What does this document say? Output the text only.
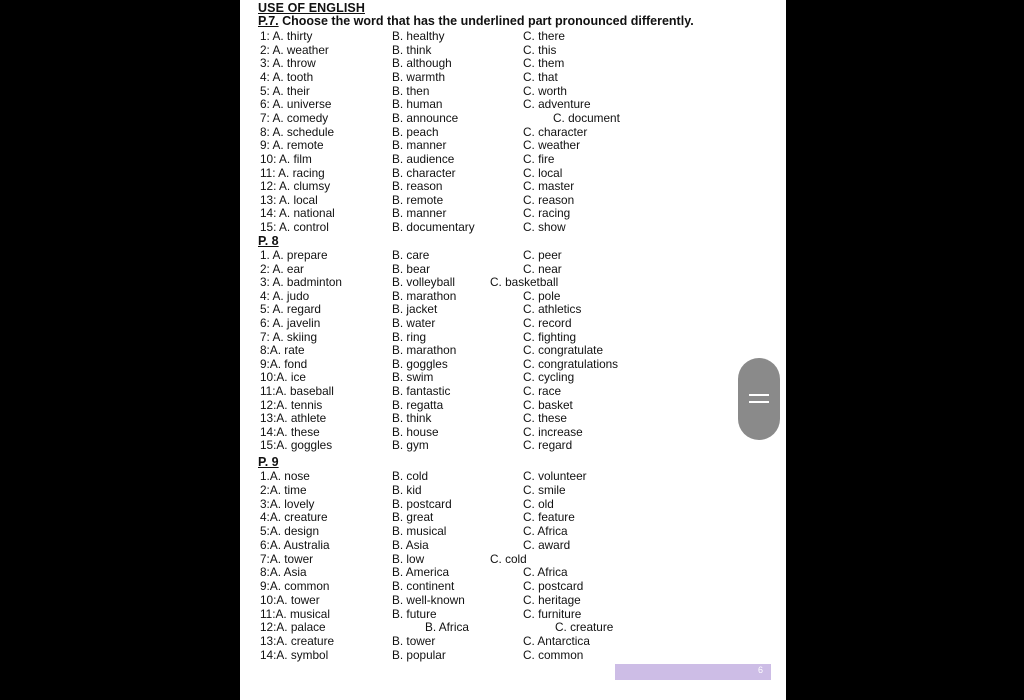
USE OF ENGLISH
P.7. Choose the word that has the underlined part pronounced differently.
1: A. thirty	B. healthy	C. there
2: A. weather	B. think	C. this
3: A. throw	B. although	C. them
4: A. tooth	B. warmth	C. that
5: A. their	B. then	C. worth
6: A. universe	B. human	C. adventure
7: A. comedy	B. announce	C. document
8: A. schedule	B. peach	C. character
9: A. remote	B. manner	C. weather
10: A. film	B. audience	C. fire
11: A. racing	B. character	C. local
12: A. clumsy	B. reason	C. master
13: A. local	B. remote	C. reason
14: A. national	B. manner	C. racing
15: A. control	B. documentary	C. show
P. 8
1. A. prepare	B. care	C. peer
2: A. ear	B. bear	C. near
3: A. badminton	B. volleyball	C. basketball
4: A. judo	B. marathon	C. pole
5: A. regard	B. jacket	C. athletics
6: A. javelin	B. water	C. record
7: A. skiing	B. ring	C. fighting
8:A. rate	B. marathon	C. congratulate
9:A. fond	B. goggles	C. congratulations
10:A. ice	B. swim	C. cycling
11:A. baseball	B. fantastic	C. race
12:A. tennis	B. regatta	C. basket
13:A. athlete	B. think	C. these
14:A. these	B. house	C. increase
15:A. goggles	B. gym	C. regard
P. 9
1.A. nose	B. cold	C. volunteer
2:A. time	B. kid	C. smile
3:A. lovely	B. postcard	C. old
4:A. creature	B. great	C. feature
5:A. design	B. musical	C. Africa
6:A. Australia	B. Asia	C. award
7:A. tower	B. low	C. cold
8:A. Asia	B. America	C. Africa
9:A. common	B. continent	C. postcard
10:A. tower	B. well-known	C. heritage
11:A. musical	B. future	C. furniture
12:A. palace	B. Africa	C. creature
13:A. creature	B. tower	C. Antarctica
14:A. symbol	B. popular	C. common
6
